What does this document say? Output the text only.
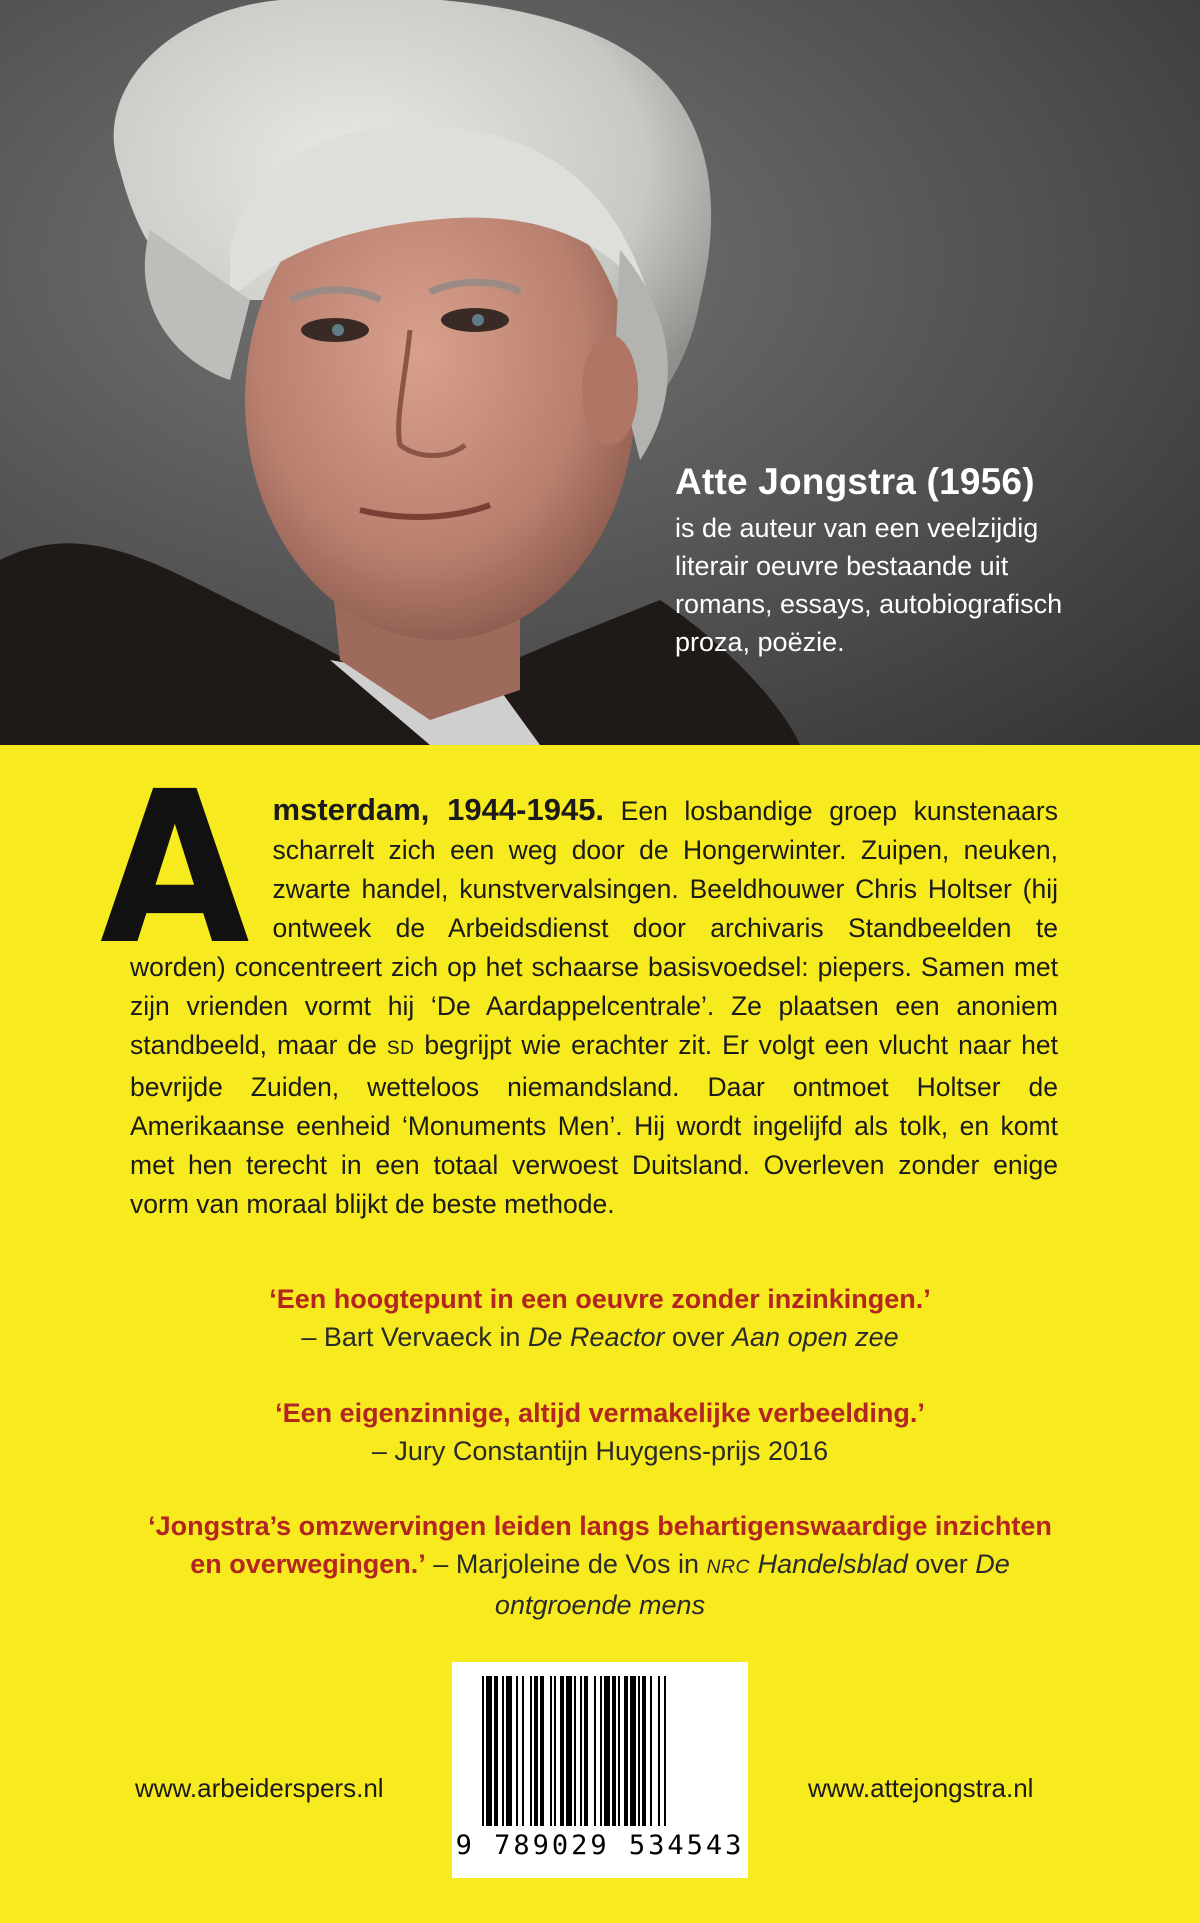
Atte Jongstra (1956)

is de auteur van een veelzijdig literair oeuvre bestaande uit romans, essays, autobiografisch proza, poëzie.

Amsterdam, 1944-1945. Een losbandige groep kunstenaars scharrelt zich een weg door de Hongerwinter. Zuipen, neuken, zwarte handel, kunstvervalsingen. Beeldhouwer Chris Holtser (hij ontweek de Arbeidsdienst door archivaris Standbeelden te worden) concentreert zich op het schaarse basisvoedsel: piepers. Samen met zijn vrienden vormt hij ‘De Aardappelcentrale’. Ze plaatsen een anoniem standbeeld, maar de SD begrijpt wie erachter zit. Er volgt een vlucht naar het bevrijde Zuiden, wetteloos niemandsland. Daar ontmoet Holtser de Amerikaanse eenheid ‘Monuments Men’. Hij wordt ingelijfd als tolk, en komt met hen terecht in een totaal verwoest Duitsland. Overleven zonder enige vorm van moraal blijkt de beste methode.
‘Een hoogtepunt in een oeuvre zonder inzinkingen.’
– Bart Vervaeck in De Reactor over Aan open zee
‘Een eigenzinnige, altijd vermakelijke verbeelding.’
– Jury Constantijn Huygens-prijs 2016
‘Jongstra’s omzwervingen leiden langs behartigenswaardige inzichten en overwegingen.’ – Marjoleine de Vos in NRC Handelsblad over De ontgroende mens
9 789029 534543
www.arbeiderspers.nl	www.attejongstra.nl
